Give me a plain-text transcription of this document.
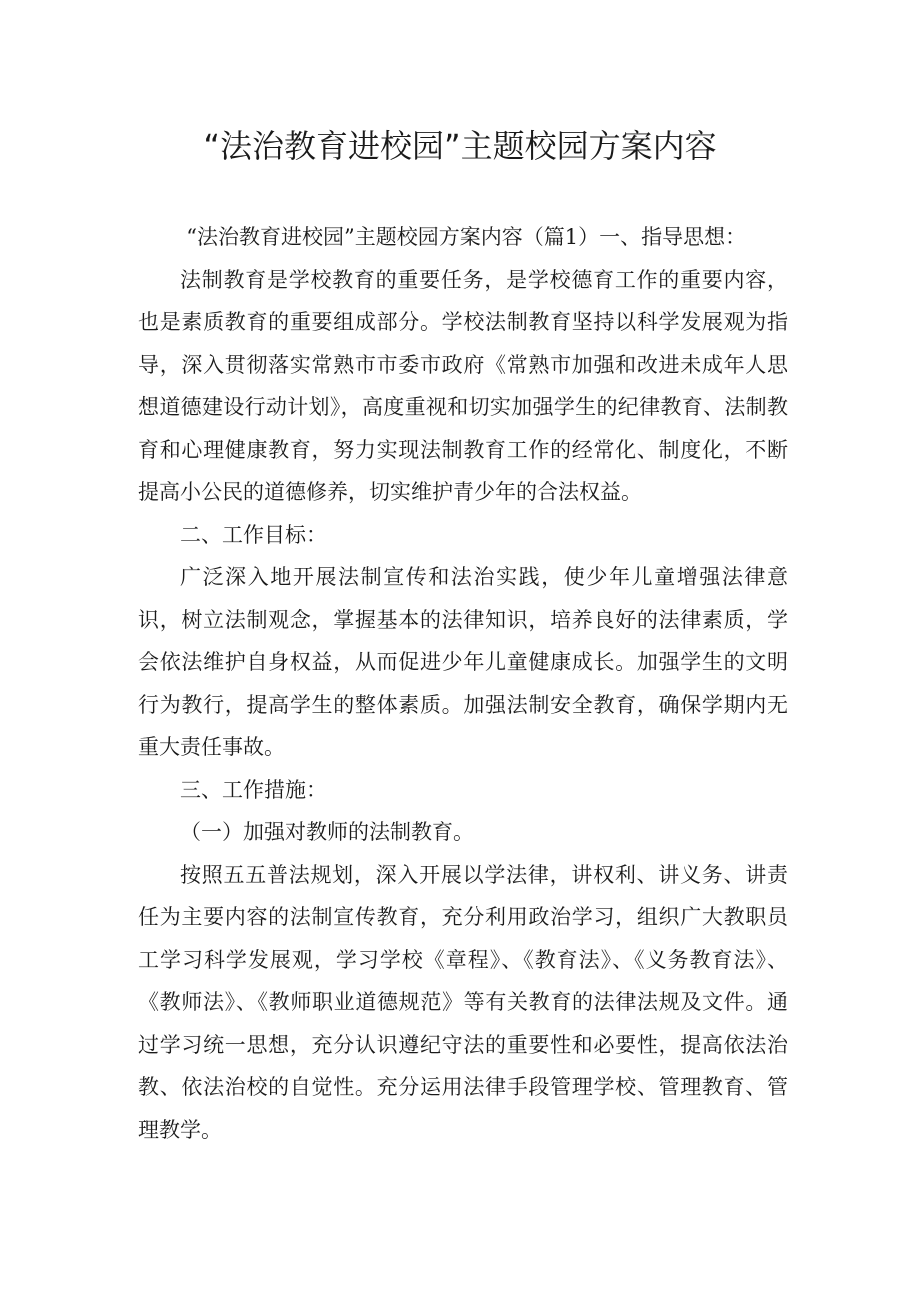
“法治教育进校园”主题校园方案内容

“法治教育进校园”主题校园方案内容（篇1）一、指导思想：

法制教育是学校教育的重要任务，是学校德育工作的重要内容，也是素质教育的重要组成部分。学校法制教育坚持以科学发展观为指导，深入贯彻落实常熟市市委市政府《常熟市加强和改进未成年人思想道德建设行动计划》，高度重视和切实加强学生的纪律教育、法制教育和心理健康教育，努力实现法制教育工作的经常化、制度化，不断提高小公民的道德修养，切实维护青少年的合法权益。

二、工作目标：

广泛深入地开展法制宣传和法治实践，使少年儿童增强法律意识，树立法制观念，掌握基本的法律知识，培养良好的法律素质，学会依法维护自身权益，从而促进少年儿童健康成长。加强学生的文明行为教行，提高学生的整体素质。加强法制安全教育，确保学期内无重大责任事故。

三、工作措施：

（一）加强对教师的法制教育。

按照五五普法规划，深入开展以学法律，讲权利、讲义务、讲责任为主要内容的法制宣传教育，充分利用政治学习，组织广大教职员工学习科学发展观，学习学校《章程》、《教育法》、《义务教育法》、《教师法》、《教师职业道德规范》等有关教育的法律法规及文件。通过学习统一思想，充分认识遵纪守法的重要性和必要性，提高依法治教、依法治校的自觉性。充分运用法律手段管理学校、管理教育、管理教学。
